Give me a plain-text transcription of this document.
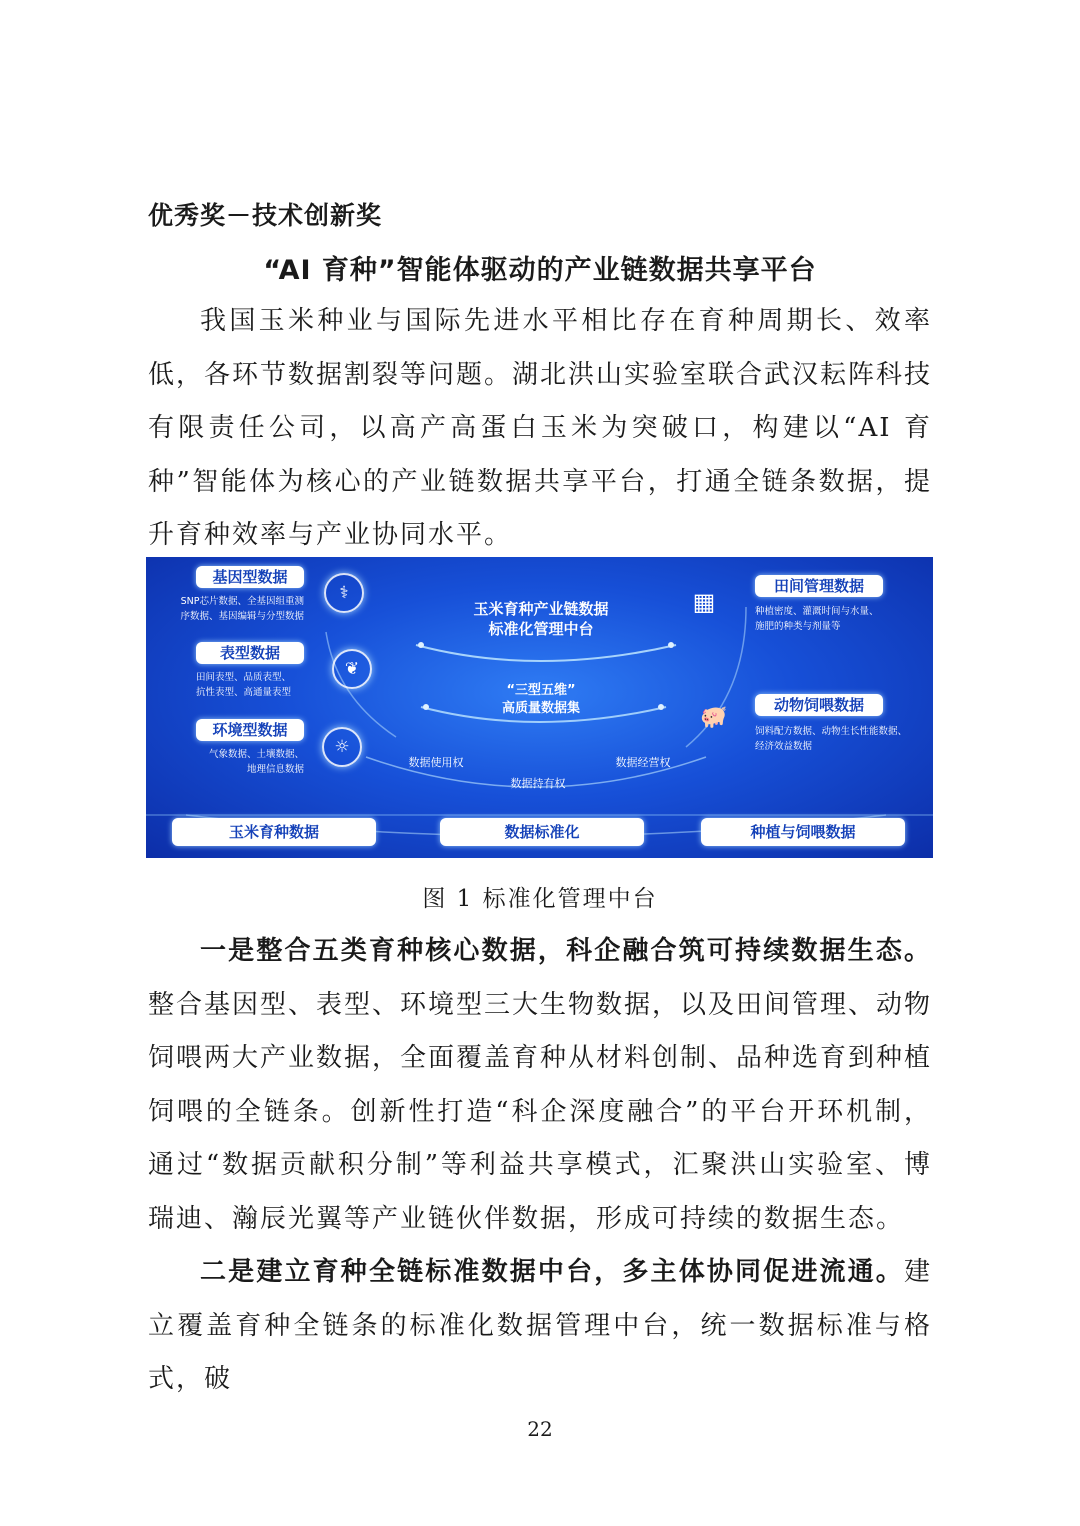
优秀奖－技术创新奖
“AI 育种”智能体驱动的产业链数据共享平台

我国玉米种业与国际先进水平相比存在育种周期长、效率低，各环节数据割裂等问题。湖北洪山实验室联合武汉耘阵科技有限责任公司，以高产高蛋白玉米为突破口，构建以“AI 育种”智能体为核心的产业链数据共享平台，打通全链条数据，提升育种效率与产业协同水平。

基因型数据
SNP芯片数据、全基因组重测
序数据、基因编辑与分型数据
⚕
表型数据
田间表型、品质表型、
抗性表型、高通量表型
❦
环境型数据
气象数据、土壤数据、
地理信息数据
☼
▦
田间管理数据
种植密度、灌溉时间与水量、
施肥的种类与剂量等
🐖	动物饲喂数据
饲料配方数据、动物生长性能数据、
经济效益数据
玉米育种产业链数据
标准化管理中台
“三型五维”
高质量数据集
数据使用权
数据持有权
数据经营权
玉米育种数据	数据标准化	种植与饲喂数据
图 1 标准化管理中台

一是整合五类育种核心数据，科企融合筑可持续数据生态。整合基因型、表型、环境型三大生物数据，以及田间管理、动物饲喂两大产业数据，全面覆盖育种从材料创制、品种选育到种植饲喂的全链条。创新性打造“科企深度融合”的平台开环机制，通过“数据贡献积分制”等利益共享模式，汇聚洪山实验室、博瑞迪、瀚辰光翼等产业链伙伴数据，形成可持续的数据生态。

二是建立育种全链标准数据中台，多主体协同促进流通。建立覆盖育种全链条的标准化数据管理中台，统一数据标准与格式，破

22
